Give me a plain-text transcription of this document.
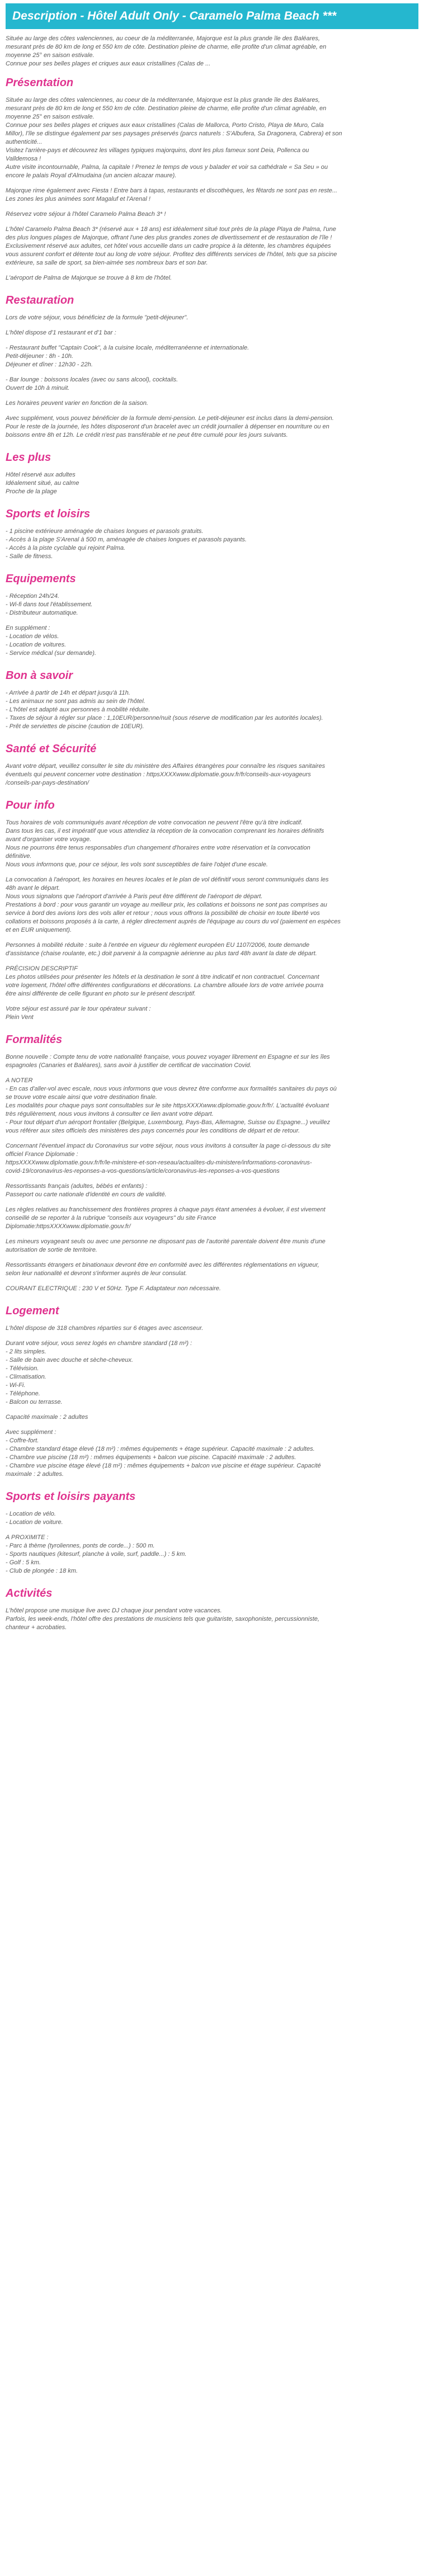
Description - Hôtel Adult Only - Caramelo Palma Beach ***

Située au large des côtes valenciennes, au coeur de la méditerranée, Majorque est la plus grande île des Baléares,

mesurant près de 80 km de long et 550 km de côte. Destination pleine de charme, elle profite d'un climat agréable, en

moyenne 25° en saison estivale.

Connue pour ses belles plages et criques aux eaux cristallines (Calas de ...

Présentation

Située au large des côtes valenciennes, au coeur de la méditerranée, Majorque est la plus grande île des Baléares,

mesurant près de 80 km de long et 550 km de côte. Destination pleine de charme, elle profite d'un climat agréable, en

moyenne 25° en saison estivale.

Connue pour ses belles plages et criques aux eaux cristallines (Calas de Mallorca, Porto Cristo, Playa de Muro, Cala

Millor), l'île se distingue également par ses paysages préservés (parcs naturels : S'Albufera, Sa Dragonera, Cabrera) et son

authenticité...

Visitez l'arrière-pays et découvrez les villages typiques majorquins, dont les plus fameux sont Deia, Pollenca ou

Valldemosa !

Autre visite incontournable, Palma, la capitale ! Prenez le temps de vous y balader et voir sa cathédrale « Sa Seu » ou

encore le palais Royal d'Almudaina (un ancien alcazar maure).

Majorque rime également avec Fiesta ! Entre bars à tapas, restaurants et discothèques, les fêtards ne sont pas en reste...

Les zones les plus animées sont Magaluf et l'Arenal !

Réservez votre séjour à l'hôtel Caramelo Palma Beach 3* !

L'hôtel Caramelo Palma Beach 3* (réservé aux + 18 ans) est idéalement situé tout près de la plage Playa de Palma, l'une

des plus longues plages de Majorque, offrant l'une des plus grandes zones de divertissement et de restauration de l'île !

Exclusivement réservé aux adultes, cet hôtel vous accueille dans un cadre propice à la détente, les chambres équipées

vous assurent confort et détente tout au long de votre séjour. Profitez des différents services de l'hôtel, tels que sa piscine

extérieure, sa salle de sport, sa bien-aimée ses nombreux bars et son bar.

L'aéroport de Palma de Majorque se trouve à 8 km de l'hôtel.

Restauration

Lors de votre séjour, vous bénéficiez de la formule "petit-déjeuner".

L'hôtel dispose d'1 restaurant et d'1 bar :

- Restaurant buffet "Captain Cook", à la cuisine locale, méditerranéenne et internationale.

Petit-déjeuner : 8h - 10h.

Déjeuner et dîner : 12h30 - 22h.

- Bar lounge : boissons locales (avec ou sans alcool), cocktails.

Ouvert de 10h à minuit.

Les horaires peuvent varier en fonction de la saison.

Avec supplément, vous pouvez bénéficier de la formule demi-pension. Le petit-déjeuner est inclus dans la demi-pension.

Pour le reste de la journée, les hôtes disposeront d'un bracelet avec un crédit journalier à dépenser en nourriture ou en

boissons entre 8h et 12h. Le crédit n'est pas transférable et ne peut être cumulé pour les jours suivants.

Les plus

Hôtel réservé aux adultes

Idéalement situé, au calme

Proche de la plage

Sports et loisirs

- 1 piscine extérieure aménagée de chaises longues et parasols gratuits.

- Accès à la plage S'Arenal à 500 m, aménagée de chaises longues et parasols payants.

- Accès à la piste cyclable qui rejoint Palma.

- Salle de fitness.

Equipements

- Réception 24h/24.

- Wi-fi dans tout l'établissement.

- Distributeur automatique.

En supplément :

- Location de vélos.

- Location de voitures.

- Service médical (sur demande).

Bon à savoir

- Arrivée à partir de 14h et départ jusqu'à 11h.

- Les animaux ne sont pas admis au sein de l'hôtel.

- L'hôtel est adapté aux personnes à mobilité réduite.

- Taxes de séjour à régler sur place : 1,10EUR/personne/nuit (sous réserve de modification par les autorités locales).

- Prêt de serviettes de piscine (caution de 10EUR).

Santé et Sécurité

Avant votre départ, veuillez consulter le site du ministère des Affaires étrangères pour connaître les risques sanitaires

éventuels qui peuvent concerner votre destination : httpsXXXXwww.diplomatie.gouv.fr/fr/conseils-aux-voyageurs

/conseils-par-pays-destination/

Pour info

Tous horaires de vols communiqués avant réception de votre convocation ne peuvent l'être qu'à titre indicatif.

Dans tous les cas, il est impératif que vous attendiez la réception de la convocation comprenant les horaires définitifs

avant d'organiser votre voyage.

Nous ne pourrons être tenus responsables d'un changement d'horaires entre votre réservation et la convocation

définitive.

Nous vous informons que, pour ce séjour, les vols sont susceptibles de faire l'objet d'une escale.

La convocation à l'aéroport, les horaires en heures locales et le plan de vol définitif vous seront communiqués dans les

48h avant le départ.

Nous vous signalons que l'aéroport d'arrivée à Paris peut être différent de l'aéroport de départ.

Prestations à bord : pour vous garantir un voyage au meilleur prix, les collations et boissons ne sont pas comprises au

service à bord des avions lors des vols aller et retour ; nous vous offrons la possibilité de choisir en toute liberté vos

collations et boissons proposés à la carte, à régler directement auprès de l'équipage au cours du vol (paiement en espèces

et en EUR uniquement).

Personnes à mobilité réduite : suite à l'entrée en vigueur du règlement européen EU 1107/2006, toute demande

d'assistance (chaise roulante, etc.) doit parvenir à la compagnie aérienne au plus tard 48h avant la date de départ.

PRÉCISION DESCRIPTIF

Les photos utilisées pour présenter les hôtels et la destination le sont à titre indicatif et non contractuel. Concernant

votre logement, l'hôtel offre différentes configurations et décorations. La chambre allouée lors de votre arrivée pourra

être ainsi différente de celle figurant en photo sur le présent descriptif.

Votre séjour est assuré par le tour opérateur suivant :

Plein Vent

Formalités

Bonne nouvelle : Compte tenu de votre nationalité française, vous pouvez voyager librement en Espagne et sur les îles

espagnoles (Canaries et Baléares), sans avoir à justifier de certificat de vaccination Covid.

A NOTER

- En cas d'aller-vol avec escale, nous vous informons que vous devrez être conforme aux formalités sanitaires du pays où

se trouve votre escale ainsi que votre destination finale.

Les modalités pour chaque pays sont consultables sur le site httpsXXXXwww.diplomatie.gouv.fr/fr/. L'actualité évoluant

très régulièrement, nous vous invitons à consulter ce lien avant votre départ.

- Pour tout départ d'un aéroport frontalier (Belgique, Luxembourg, Pays-Bas, Allemagne, Suisse ou Espagne...) veuillez

vous référer aux sites officiels des ministères des pays concernés pour les conditions de départ et de retour.

Concernant l'éventuel impact du Coronavirus sur votre séjour, nous vous invitons à consulter la page ci-dessous du site

officiel France Diplomatie :

httpsXXXXwww.diplomatie.gouv.fr/fr/le-ministere-et-son-reseau/actualites-du-ministere/informations-coronavirus-

covid-19/coronavirus-les-reponses-a-vos-questions/article/coronavirus-les-reponses-a-vos-questions

Ressortissants français (adultes, bébés et enfants) :

Passeport ou carte nationale d'identité en cours de validité.

Les règles relatives au franchissement des frontières propres à chaque pays étant amenées à évoluer, il est vivement

conseillé de se reporter à la rubrique "conseils aux voyageurs" du site France

Diplomatie:httpsXXXXwww.diplomatie.gouv.fr/

Les mineurs voyageant seuls ou avec une personne ne disposant pas de l'autorité parentale doivent être munis d'une

autorisation de sortie de territoire.

Ressortissants étrangers et binationaux devront être en conformité avec les différentes réglementations en vigueur,

selon leur nationalité et devront s'informer auprès de leur consulat.

COURANT ELECTRIQUE : 230 V et 50Hz. Type F. Adaptateur non nécessaire.

Logement

L'hôtel dispose de 318 chambres réparties sur 6 étages avec ascenseur.

Durant votre séjour, vous serez logés en chambre standard (18 m²) :

- 2 lits simples.

- Salle de bain avec douche et sèche-cheveux.

- Télévision.

- Climatisation.

- Wi-Fi.

- Téléphone.

- Balcon ou terrasse.

Capacité maximale : 2 adultes

Avec supplément :

- Coffre-fort.

- Chambre standard étage élevé (18 m²) : mêmes équipements + étage supérieur. Capacité maximale : 2 adultes.

- Chambre vue piscine (18 m²) : mêmes équipements + balcon vue piscine. Capacité maximale : 2 adultes.

- Chambre vue piscine étage élevé (18 m²) : mêmes équipements + balcon vue piscine et étage supérieur. Capacité

maximale : 2 adultes.

Sports et loisirs payants

- Location de vélo.

- Location de voiture.

A PROXIMITE :

- Parc à thème (tyroliennes, ponts de corde...) : 500 m.

- Sports nautiques (kitesurf, planche à voile, surf, paddle...) : 5 km.

- Golf : 5 km.

- Club de plongée : 18 km.

Activités

L'hôtel propose une musique live avec DJ chaque jour pendant votre vacances.

Parfois, les week-ends, l'hôtel offre des prestations de musiciens tels que guitariste, saxophoniste, percussionniste,

chanteur + acrobaties.
